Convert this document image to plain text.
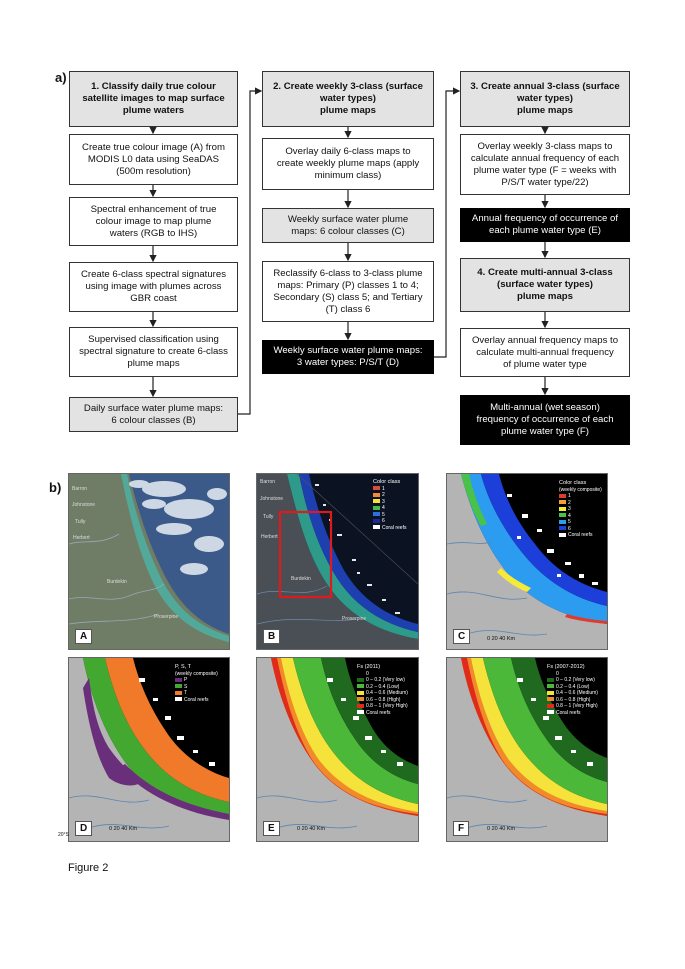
a)
1. Classify daily true colour
satellite images to map surface
plume waters
Create true colour image (A) from
MODIS L0 data using SeaDAS
(500m resolution)
Spectral enhancement of true
colour image to map plume
waters (RGB to IHS)
Create 6-class spectral signatures
using image with plumes across
GBR coast
Supervised classification using
spectral signature to create 6-class
plume maps
Daily surface water plume maps:
6 colour classes (B)
2. Create weekly 3-class (surface
water types)
plume maps
Overlay daily 6-class maps to
create weekly plume maps (apply
minimum class)
Weekly surface water plume
maps: 6 colour classes (C)
Reclassify 6-class to 3-class plume
maps: Primary (P) classes 1 to 4;
Secondary (S) class 5; and Tertiary
(T) class 6
Weekly surface water plume maps:
3 water types: P/S/T (D)
3. Create annual 3-class (surface
water types)
plume maps
Overlay weekly 3-class maps to
calculate annual frequency of each
plume water type (F = weeks with
P/S/T water type/22)
Annual frequency of occurrence of
each plume water type (E)
4. Create multi-annual 3-class
(surface water types)
plume maps
Overlay annual frequency maps to
calculate multi-annual frequency
of plume water type
Multi-annual (wet season)
frequency of occurrence of each
plume water type (F)
b) Barron
Johnstone
Tully
Herbert
Burdekin
Proserpine
A
Barron
Johnstone
Tully
Herbert
Burdekin
Proserpine
Color class
1
2
3
4
5
6
Coral reefs
B
Color class
(weekly composite)
1
2
3
4
5
6
Coral reefs
0 20 40 Km
C
P, S, T
(weekly composite)
P
S
T
Coral reefs
0 20 40 Km
D
Fs (2011)
0
0 – 0.2 (Very low)
0.2 – 0.4 (Low)
0.4 – 0.6 (Medium)
0.6 – 0.8 (High)
0.8 – 1 (Very High)
Coral reefs
0 20 40 Km
E
Fs (2007-2012)
0
0 – 0.2 (Very low)
0.2 – 0.4 (Low)
0.4 – 0.6 (Medium)
0.6 – 0.8 (High)
0.8 – 1 (Very High)
Coral reefs
0 20 40 Km
F
20°S
Figure 2
